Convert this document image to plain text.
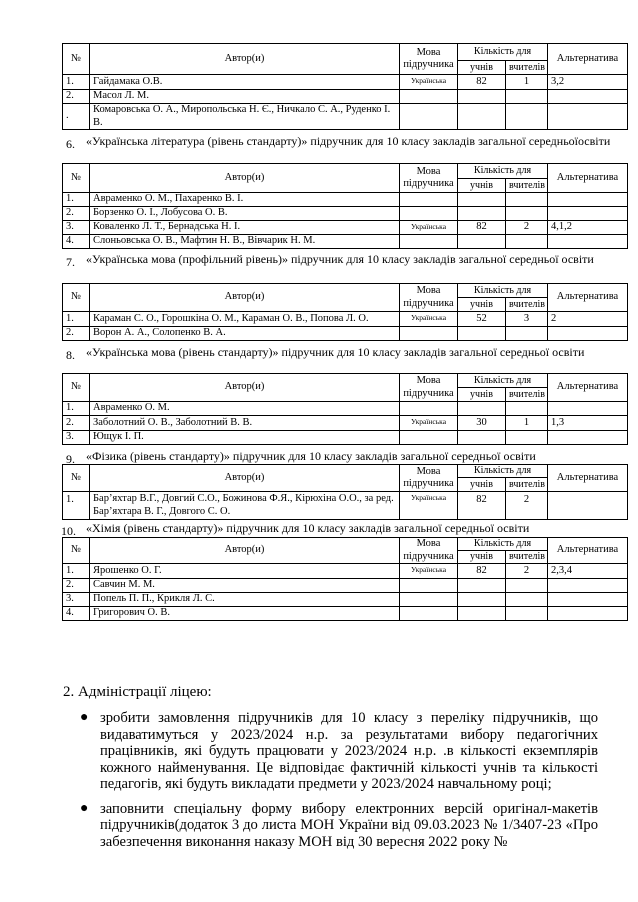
№	Автор(и)	Мова підручника	Кількість для		Альтернатива
			учнів	вчителів	
1.	Гайдамака О.В.	Українська	82	1	3,2
2.	Масол Л. М.				
.	Комаровська О. А., Миропольська Н. Є., Ничкало С. А., Руденко І. В.				
6. «Українська література (рівень стандарту)» підручник для 10 класу закладів загальної середньоїосвіти
№	Автор(и)	Мова підручника	Кількість для		Альтернатива
			учнів	вчителів	
1.	Авраменко О. М., Пахаренко В. І.				
2.	Борзенко О. І., Лобусова О. В.				
3.	Коваленко Л. Т., Бернадська Н. І.	Українська	82	2	4,1,2
4.	Слоньовська О. В., Мафтин Н. В., Вівчарик Н. М.				
7. «Українська мова (профільний рівень)» підручник для 10 класу закладів загальної середньої освіти
№	Автор(и)	Мова підручника	Кількість для		Альтернатива
			учнів	вчителів	
1.	Караман С. О., Горошкіна О. М., Караман О. В., Попова Л. О.	Українська	52	3	2
2.	Ворон А. А., Солопенко В. А.				
8. «Українська мова (рівень стандарту)» підручник для 10 класу закладів загальної середньої освіти
№	Автор(и)	Мова підручника	Кількість для		Альтернатива
			учнів	вчителів	
1.	Авраменко О. М.				
2.	Заболотний О. В., Заболотний В. В.	Українська	30	1	1,3
3.	Ющук І. П.				
9. «Фізика (рівень стандарту)» підручник для 10 класу закладів загальної середньої освіти
№	Автор(и)	Мова підручника	Кількість для		Альтернатива
			учнів	вчителів	
1.	Бар’яхтар В.Г., Довгий С.О., Божинова Ф.Я., Кірюхіна О.О., за ред. Бар’яхтара В. Г., Довгого С. О.	Українська	82	2	
10. «Хімія (рівень стандарту)» підручник для 10 класу закладів загальної середньої освіти
№	Автор(и)	Мова підручника	Кількість для		Альтернатива
			учнів	вчителів	
1.	Ярошенко О. Г.	Українська	82	2	2,3,4
2.	Савчин М. М.				
3.	Попель П. П., Крикля Л. С.				
4.	Григорович О. В.				
2. Адміністрації ліцею:
● зробити замовлення підручників для 10 класу з переліку підручників, що видаватимуться у 2023/2024 н.р. за результатами вибору педагогічних працівників, які будуть працювати у 2023/2024 н.р. .в кількості екземплярів кожного найменування. Це відповідає фактичній кількості учнів та кількості педагогів, які будуть викладати предмети у 2023/2024 навчальному році;
● заповнити спеціальну форму вибору електронних версій оригінал-макетів підручників(додаток 3 до листа МОН України від 09.03.2023 № 1/3407-23 «Про забезпечення виконання наказу МОН від 30 вересня 2022 року №
